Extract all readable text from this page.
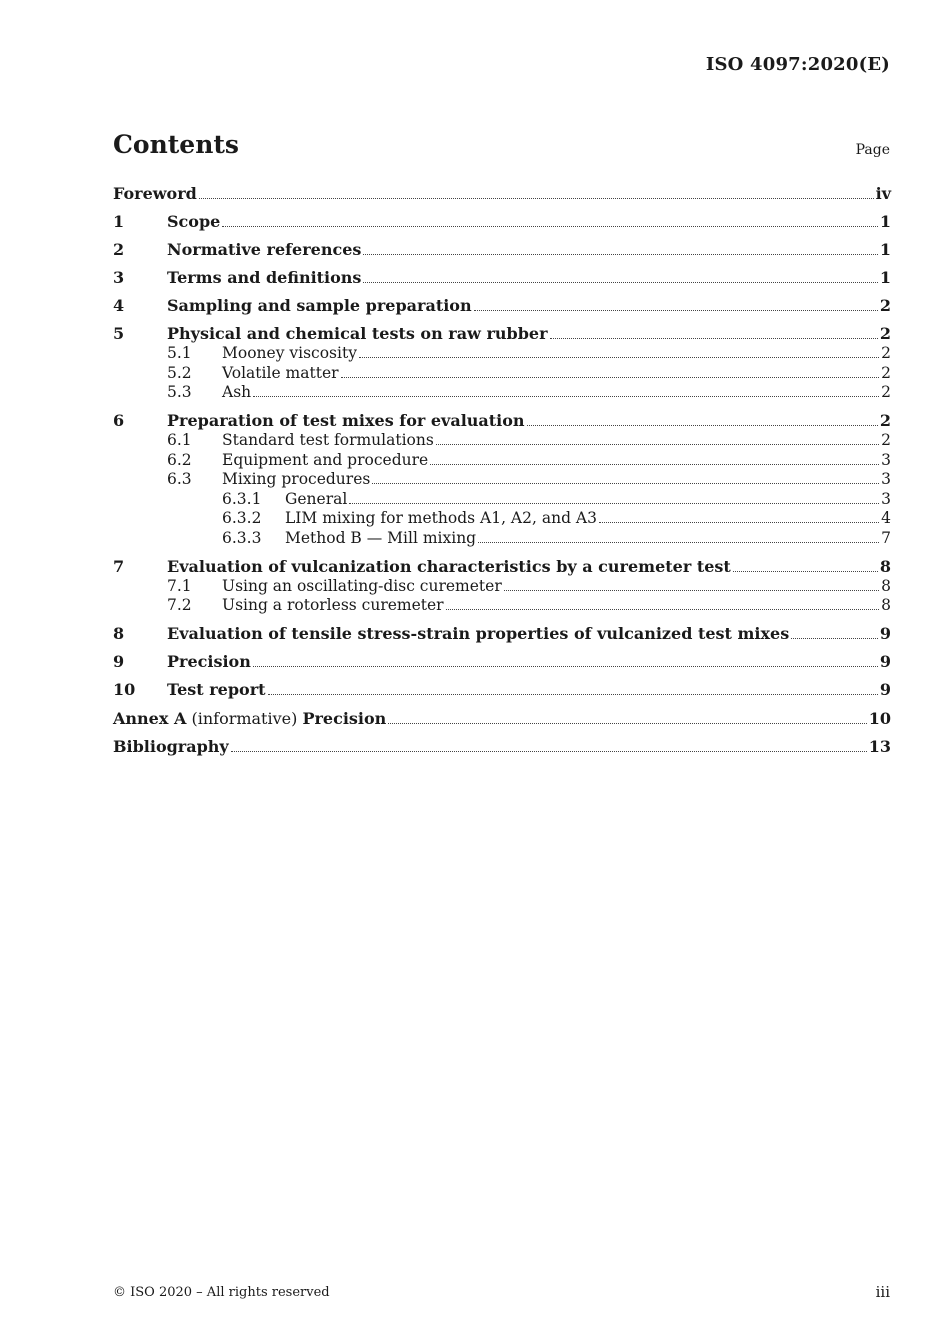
ISO 4097:2020(E)
Contents	Page
Foreword	iv
1	Scope	1
2	Normative references	1
3	Terms and definitions	1
4	Sampling and sample preparation	2
5	Physical and chemical tests on raw rubber	2
5.1	Mooney viscosity	2
5.2	Volatile matter	2
5.3	Ash	2
6	Preparation of test mixes for evaluation	2
6.1	Standard test formulations	2
6.2	Equipment and procedure	3
6.3	Mixing procedures	3
6.3.1	General	3
6.3.2	LIM mixing for methods A1, A2, and A3	4
6.3.3	Method B — Mill mixing	7
7	Evaluation of vulcanization characteristics by a curemeter test	8
7.1	Using an oscillating-disc curemeter	8
7.2	Using a rotorless curemeter	8
8	Evaluation of tensile stress-strain properties of vulcanized test mixes	9
9	Precision	9
10	Test report	9
Annex A (informative) Precision	10
Bibliography	13
© ISO 2020 – All rights reserved	iii
